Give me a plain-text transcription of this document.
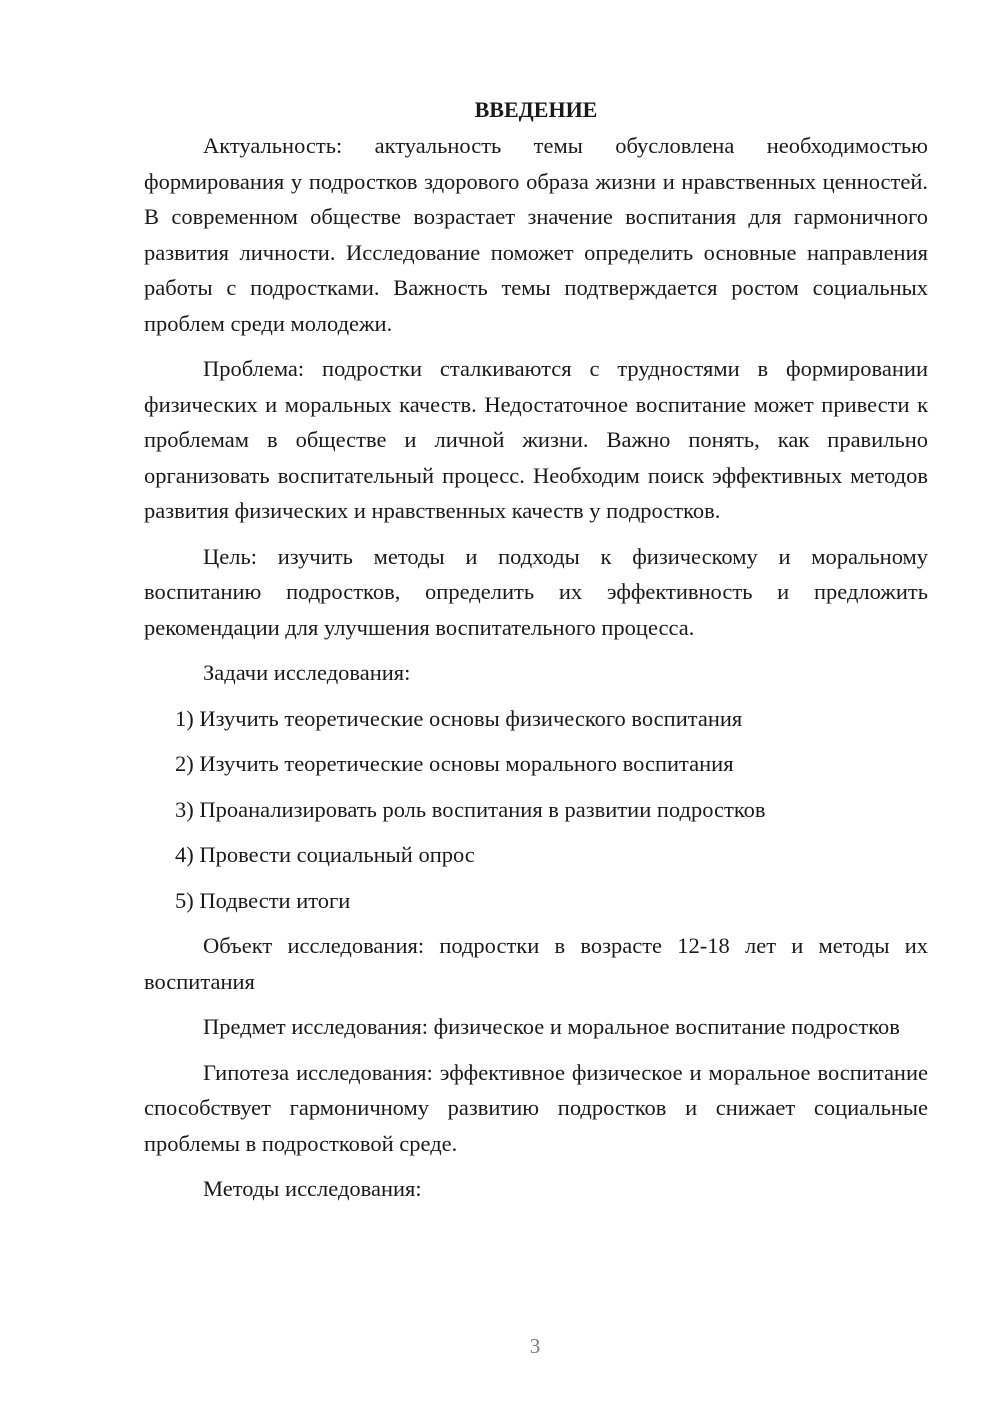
ВВЕДЕНИЕ

Актуальность: актуальность темы обусловлена необходимостью формирования у подростков здорового образа жизни и нравственных ценностей. В современном обществе возрастает значение воспитания для гармоничного развития личности. Исследование поможет определить основные направления работы с подростками. Важность темы подтверждается ростом социальных проблем среди молодежи.

Проблема: подростки сталкиваются с трудностями в формировании физических и моральных качеств. Недостаточное воспитание может привести к проблемам в обществе и личной жизни. Важно понять, как правильно организовать воспитательный процесс. Необходим поиск эффективных методов развития физических и нравственных качеств у подростков.

Цель: изучить методы и подходы к физическому и моральному воспитанию подростков, определить их эффективность и предложить рекомендации для улучшения воспитательного процесса.

Задачи исследования:

1) Изучить теоретические основы физического воспитания
2) Изучить теоретические основы морального воспитания
3) Проанализировать роль воспитания в развитии подростков
4) Провести социальный опрос
5) Подвести итоги

Объект исследования: подростки в возрасте 12-18 лет и методы их воспитания

Предмет исследования: физическое и моральное воспитание подростков

Гипотеза исследования: эффективное физическое и моральное воспитание способствует гармоничному развитию подростков и снижает социальные проблемы в подростковой среде.

Методы исследования:

3
